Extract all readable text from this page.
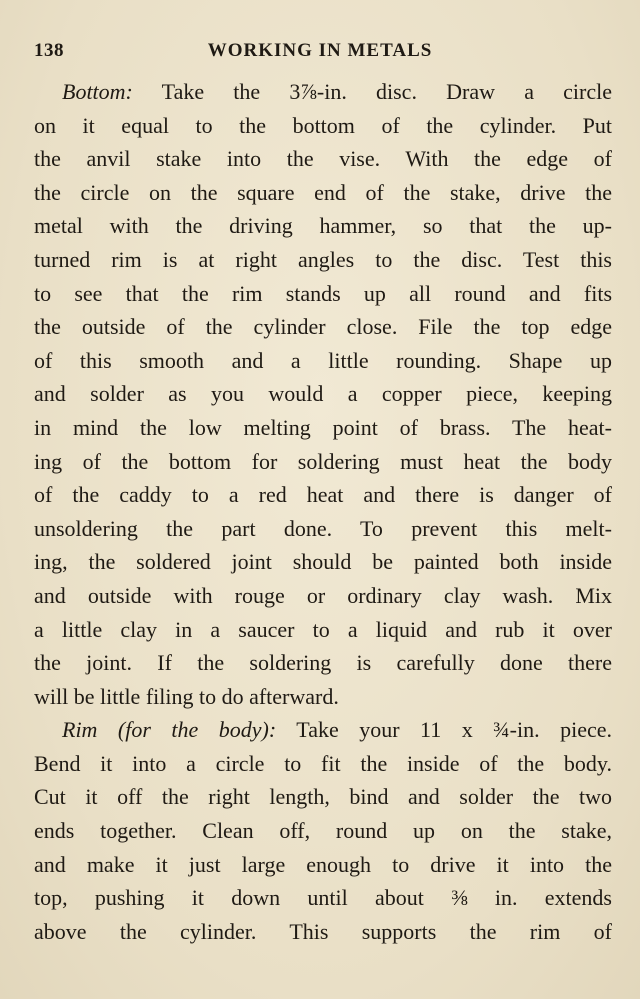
138	WORKING IN METALS
Bottom: Take the 3⅞-in. disc. Draw a circle
on it equal to the bottom of the cylinder. Put
the anvil stake into the vise. With the edge of
the circle on the square end of the stake, drive the
metal with the driving hammer, so that the up-
turned rim is at right angles to the disc. Test this
to see that the rim stands up all round and fits
the outside of the cylinder close. File the top edge
of this smooth and a little rounding. Shape up
and solder as you would a copper piece, keeping
in mind the low melting point of brass. The heat-
ing of the bottom for soldering must heat the body
of the caddy to a red heat and there is danger of
unsoldering the part done. To prevent this melt-
ing, the soldered joint should be painted both inside
and outside with rouge or ordinary clay wash. Mix
a little clay in a saucer to a liquid and rub it over
the joint. If the soldering is carefully done there
will be little filing to do afterward.
Rim (for the body): Take your 11 x ¾-in. piece.
Bend it into a circle to fit the inside of the body.
Cut it off the right length, bind and solder the two
ends together. Clean off, round up on the stake,
and make it just large enough to drive it into the
top, pushing it down until about ⅜ in. extends
above the cylinder. This supports the rim of
